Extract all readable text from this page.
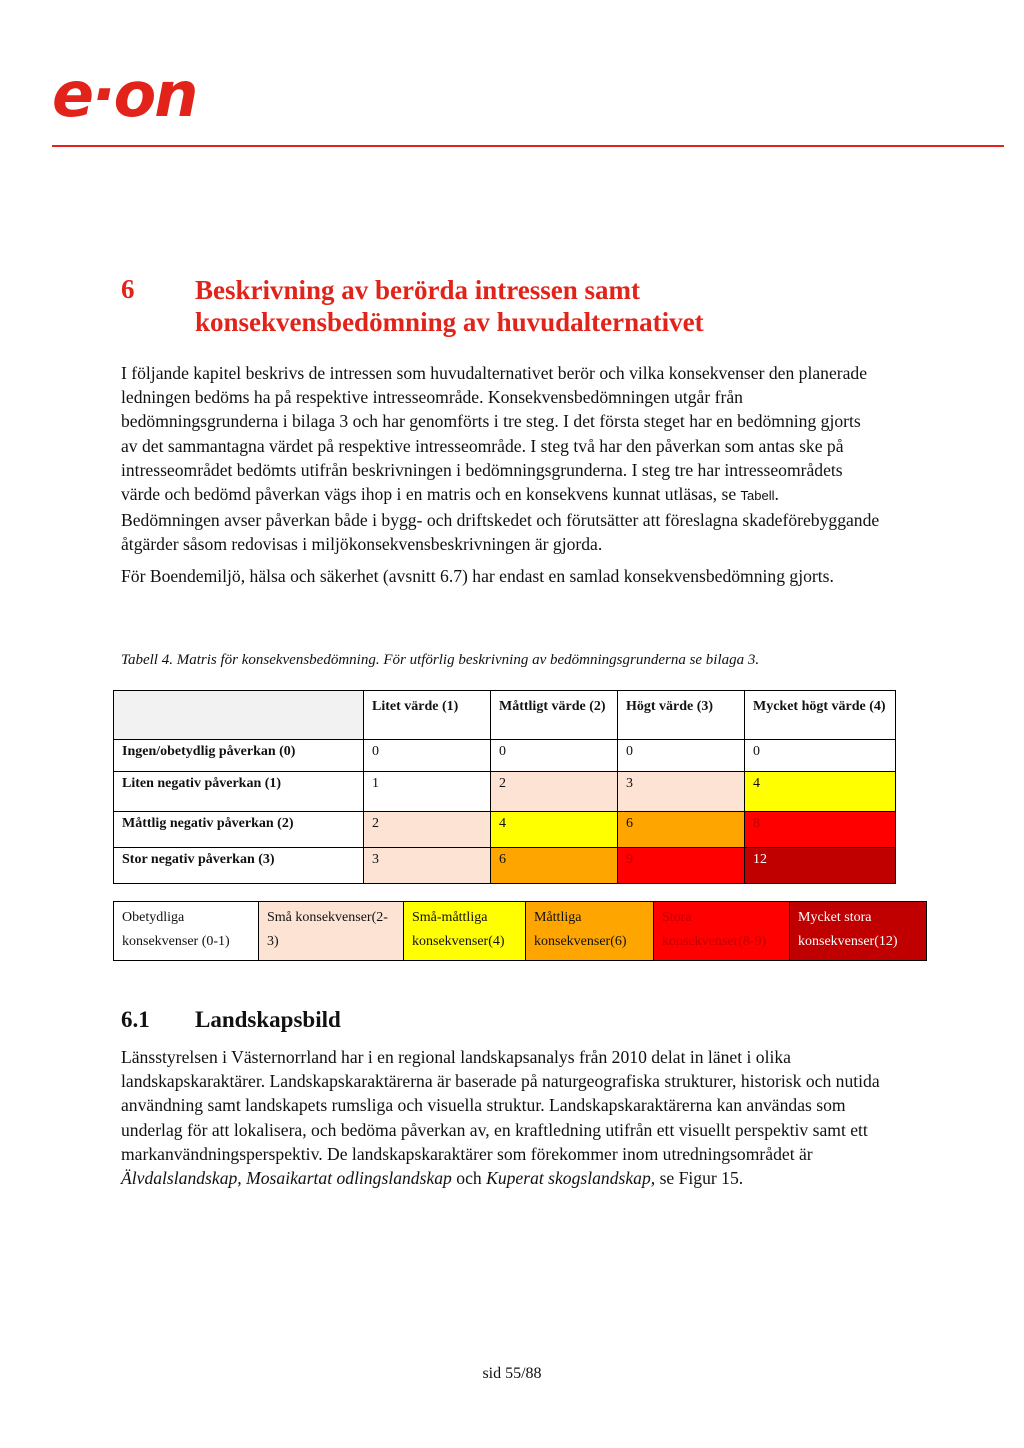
e·on
6 Beskrivning av berörda intressen samt konsekvensbedömning av huvudalternativet

I följande kapitel beskrivs de intressen som huvudalternativet berör och vilka konsekvenser den planerade ledningen bedöms ha på respektive intresseområde. Konsekvensbedömningen utgår från bedömningsgrunderna i bilaga 3 och har genomförts i tre steg. I det första steget har en bedömning gjorts av det sammantagna värdet på respektive intresseområde. I steg två har den påverkan som antas ske på intresseområdet bedömts utifrån beskrivningen i bedömningsgrunderna. I steg tre har intresseområdets värde och bedömd påverkan vägs ihop i en matris och en konsekvens kunnat utläsas, se Tabell. Bedömningen avser påverkan både i bygg- och driftskedet och förutsätter att föreslagna skadeförebyggande åtgärder såsom redovisas i miljökonsekvensbeskrivningen är gjorda.

För Boendemiljö, hälsa och säkerhet (avsnitt 6.7) har endast en samlad konsekvensbedömning gjorts.

Tabell 4. Matris för konsekvensbedömning. För utförlig beskrivning av bedömningsgrunderna se bilaga 3.
	Litet värde (1)	Måttligt värde (2)	Högt värde (3)	Mycket högt värde (4)
Ingen/obetydlig påverkan (0)	0	0	0	0
Liten negativ påverkan (1)	1	2	3	4
Måttlig negativ påverkan (2)	2	4	6	8
Stor negativ påverkan (3)	3	6	9	12
Obetydliga konsekvenser (0-1)	Små konsekvenser(2-3)	Små-måttliga konsekvenser(4)	Måttliga konsekvenser(6)	Stora konsekvenser(8-9)	Mycket stora konsekvenser(12)
6.1 Landskapsbild

Länsstyrelsen i Västernorrland har i en regional landskapsanalys från 2010 delat in länet i olika landskapskaraktärer. Landskapskaraktärerna är baserade på naturgeografiska strukturer, historisk och nutida användning samt landskapets rumsliga och visuella struktur. Landskapskaraktärerna kan användas som underlag för att lokalisera, och bedöma påverkan av, en kraftledning utifrån ett visuellt perspektiv samt ett markanvändningsperspektiv. De landskapskaraktärer som förekommer inom utredningsområdet är Älvdalslandskap, Mosaikartat odlingslandskap och Kuperat skogslandskap, se Figur 15.

sid 55/88
